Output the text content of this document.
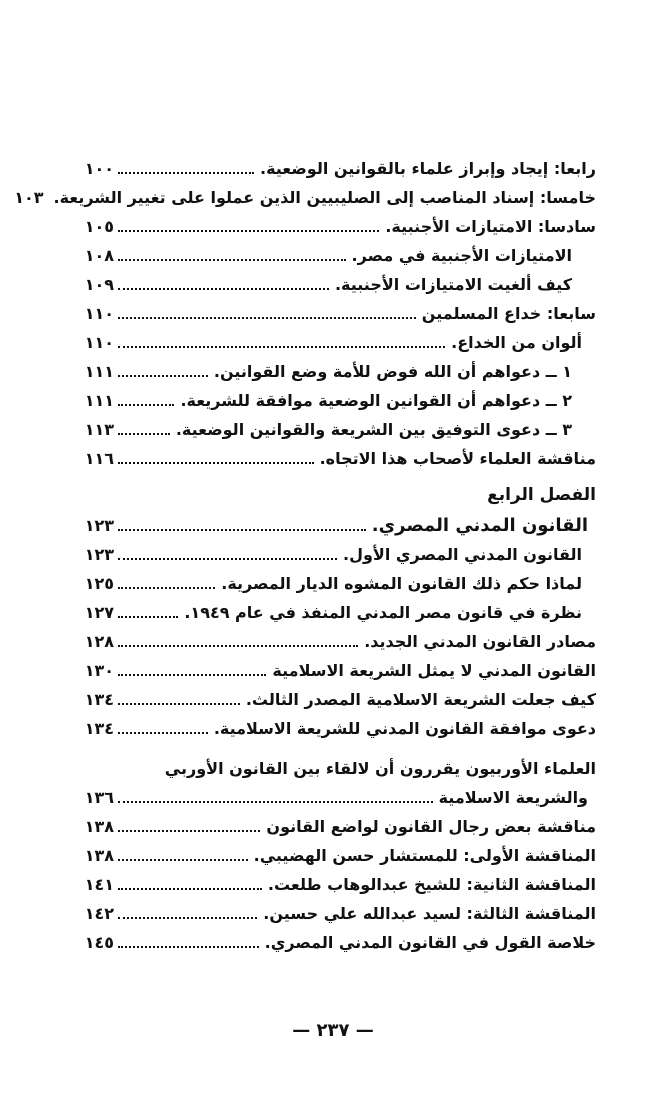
رابعا: إيجاد وإبراز علماء بالقوانين الوضعية.
١٠٠
خامسا: إسناد المناصب إلى الصليبيين الذين عملوا على تغيير الشريعة.
١٠٣
سادسا: الامتيازات الأجنبية.
١٠٥
الامتيازات الأجنبية في مصر.
١٠٨
كيف ألغيت الامتيازات الأجنبية.
١٠٩
سابعا: خداع المسلمين
١١٠
ألوان من الخداع.
١١٠
١ ــ دعواهم أن الله فوض للأمة وضع القوانين.
١١١
٢ ــ دعواهم أن القوانين الوضعية موافقة للشريعة.
١١١
٣ ــ دعوى التوفيق بين الشريعة والقوانين الوضعية.
١١٣
مناقشة العلماء لأصحاب هذا الاتجاه.
١١٦
الفصل الرابع
القانون المدني المصري.
١٢٣
القانون المدني المصري الأول.
١٢٣
لماذا حكم ذلك القانون المشوه الديار المصرية.
١٢٥
نظرة في قانون مصر المدني المنفذ في عام ١٩٤٩.
١٢٧
مصادر القانون المدني الجديد.
١٢٨
القانون المدني لا يمثل الشريعة الاسلامية
١٣٠
كيف جعلت الشريعة الاسلامية المصدر الثالث.
١٣٤
دعوى موافقة القانون المدني للشريعة الاسلامية.
١٣٤
العلماء الأوربيون يقررون أن لالقاء بين القانون الأوربي
والشريعة الاسلامية
١٣٦
مناقشة بعض رجال القانون لواضع القانون
١٣٨
المناقشة الأولى: للمستشار حسن الهضيبي.
١٣٨
المناقشة الثانية: للشيخ عبدالوهاب طلعت.
١٤١
المناقشة الثالثة: لسيد عبدالله علي حسين.
١٤٢
خلاصة القول في القانون المدني المصري.
١٤٥
— ٢٣٧ —
